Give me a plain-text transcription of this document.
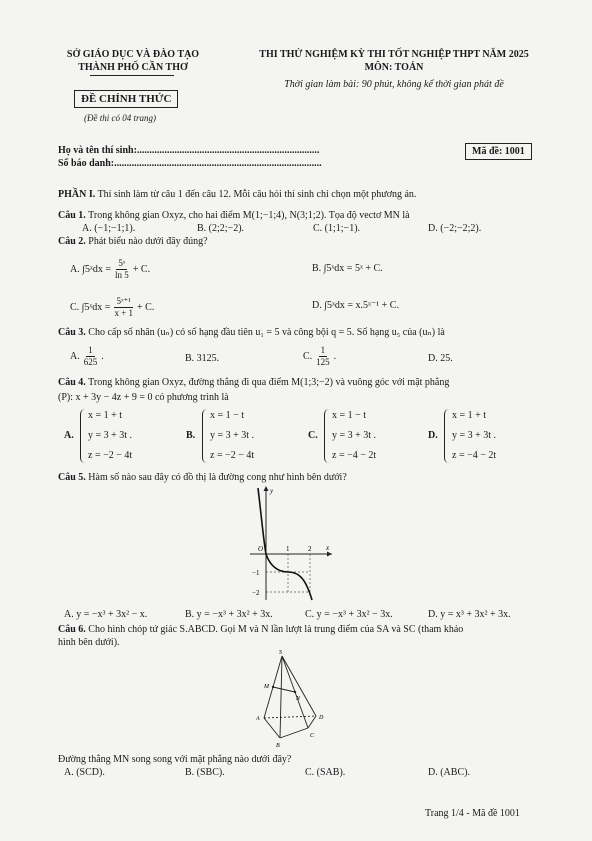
SỞ GIÁO DỤC VÀ ĐÀO TẠO
THÀNH PHỐ CẦN THƠ
ĐỀ CHÍNH THỨC
(Đề thi có 04 trang)
THI THỬ NGHIỆM KỲ THI TỐT NGHIỆP THPT NĂM 2025
MÔN: TOÁN
Thời gian làm bài: 90 phút, không kể thời gian phát đề
Họ và tên thí sinh:.........................................................................
Số báo danh:...................................................................................
Mã đề: 1001
PHẦN I. Thí sinh làm từ câu 1 đến câu 12. Mỗi câu hỏi thí sinh chỉ chọn một phương án.
Câu 1. Trong không gian Oxyz, cho hai điểm M(1;−1;4), N(3;1;2). Tọa độ vectơ MN là
A. (−1;−1;1).	B. (2;2;−2).	C. (1;1;−1).	D. (−2;−2;2).
Câu 2. Phát biểu nào dưới đây đúng?
A. ∫5ˣdx = $\frac{\text{5ˣ}}{\ln 5} + C$.	B. ∫5ˣdx = 5ˣ + C.
C. ∫5ˣdx = $\frac{\text{5ˣ⁺¹}}{x + 1} + C$.	D. ∫5ˣdx = x.5ˣ⁻¹ + C.
Câu 3. Cho cấp số nhân (uₙ) có số hạng đầu tiên u₁ = 5 và công bội q = 5. Số hạng u₅ của (uₙ) là
A. $\frac{1}{625}$ .	B. 3125.	C. $\frac{1}{125}$ .	D. 25.
Câu 4. Trong không gian Oxyz, đường thẳng đi qua điểm M(1;3;−2) và vuông góc với mặt phẳng
(P): x + 3y − 4z + 9 = 0 có phương trình là
A.
x = 1 + t
y = 3 + 3t .
z = −2 − 4t
B.
x = 1 − t
y = 3 + 3t .
z = −2 − 4t
C.
x = 1 − t
y = 3 + 3t .
z = −4 − 2t
D.
x = 1 + t
y = 3 + 3t .
z = −4 − 2t
Câu 5. Hàm số nào sau đây có đồ thị là đường cong như hình bên dưới?
y
x
O	1	2
−1
−2
A. y = −x³ + 3x² − x.	B. y = −x³ + 3x² + 3x.	C. y = −x³ + 3x² − 3x.	D. y = x³ + 3x² + 3x.
Câu 6. Cho hình chóp tứ giác S.ABCD. Gọi M và N lần lượt là trung điểm của SA và SC (tham khảo
hình bên dưới).
S
M
N
A
B
C
D
Đường thẳng MN song song với mặt phẳng nào dưới đây?
A. (SCD).	B. (SBC).	C. (SAB).	D. (ABC).
Trang 1/4 - Mã đề 1001
